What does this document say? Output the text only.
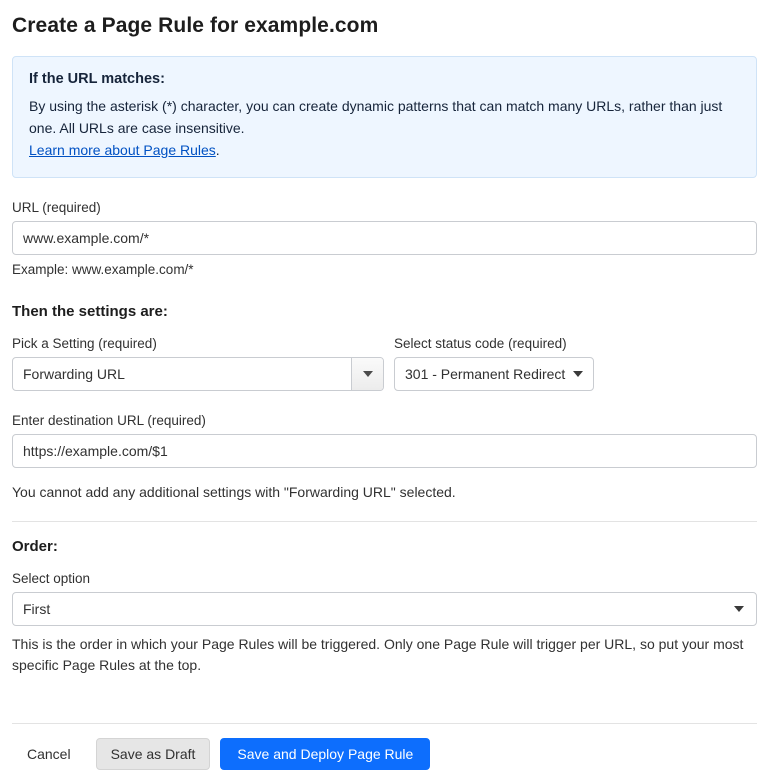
Create a Page Rule for example.com
If the URL matches:
By using the asterisk (*) character, you can create dynamic patterns that can match many URLs, rather than just one. All URLs are case insensitive.
Learn more about Page Rules.
URL (required)
www.example.com/*
Example: www.example.com/*
Then the settings are:
Pick a Setting (required)
Forwarding URL
Select status code (required)
301 - Permanent Redirect
Enter destination URL (required)
https://example.com/$1
You cannot add any additional settings with "Forwarding URL" selected.
Order:
Select option
First
This is the order in which your Page Rules will be triggered. Only one Page Rule will trigger per URL, so put your most specific Page Rules at the top.
Cancel	Save as Draft	Save and Deploy Page Rule
